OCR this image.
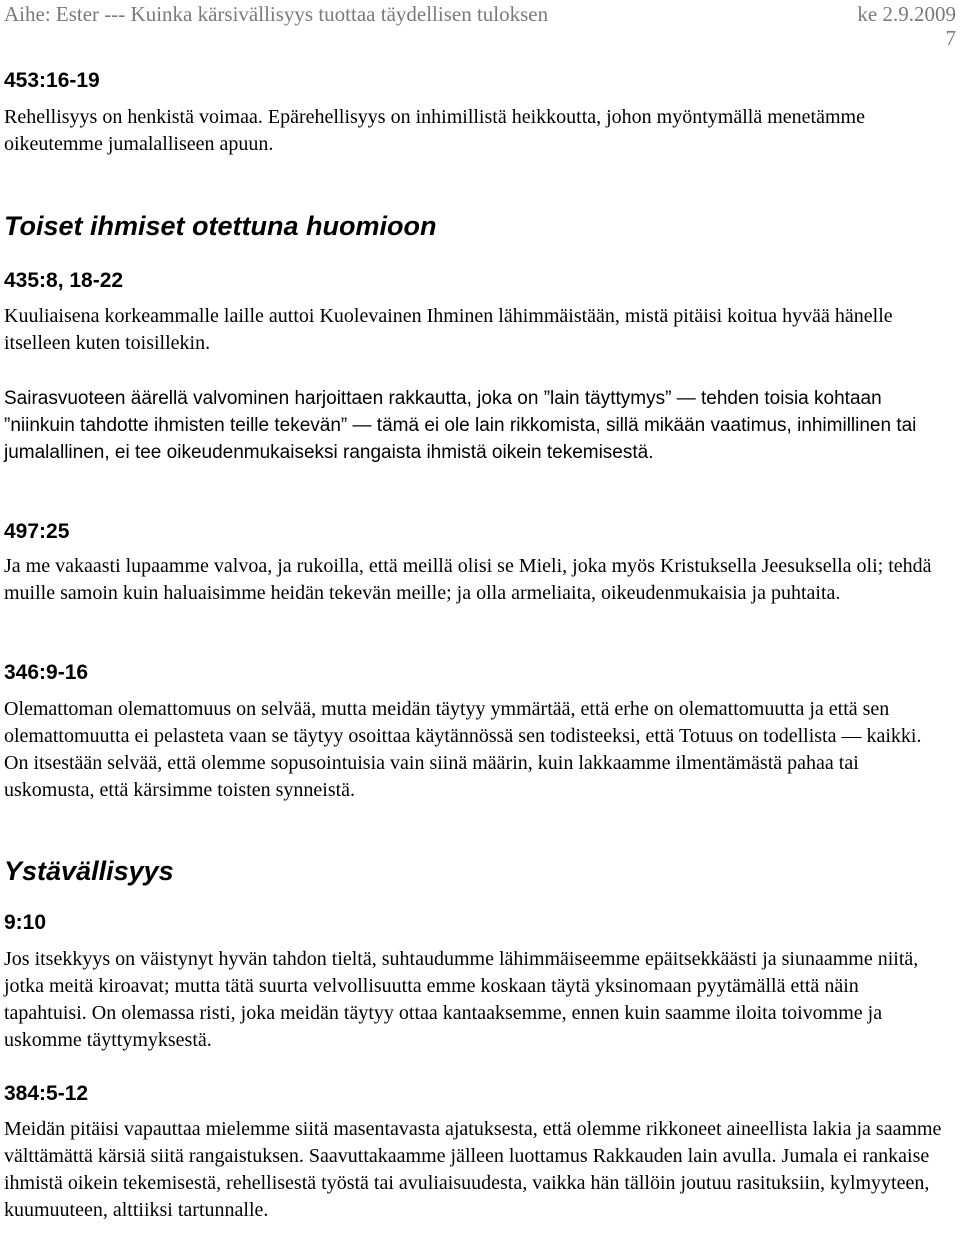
Aihe: Ester --- Kuinka kärsivällisyys tuottaa täydellisen tuloksen	ke 2.9.2009
7
453:16-19

Rehellisyys on henkistä voimaa. Epärehellisyys on inhimillistä heikkoutta, johon myöntymällä menetämme oikeutemme jumalalliseen apuun.

Toiset ihmiset otettuna huomioon
435:8, 18-22

Kuuliaisena korkeammalle laille auttoi Kuolevainen Ihminen lähimmäistään, mistä pitäisi koitua hyvää hänelle itselleen kuten toisillekin.

Sairasvuoteen äärellä valvominen harjoittaen rakkautta, joka on ”lain täyttymys” — tehden toisia kohtaan ”niinkuin tahdotte ihmisten teille tekevän” — tämä ei ole lain rikkomista, sillä mikään vaatimus, inhimillinen tai jumalallinen, ei tee oikeudenmukaiseksi rangaista ihmistä oikein tekemisestä.

497:25

Ja me vakaasti lupaamme valvoa, ja rukoilla, että meillä olisi se Mieli, joka myös Kristuksella Jeesuksella oli; tehdä muille samoin kuin haluaisimme heidän tekevän meille; ja olla armeliaita, oikeudenmukaisia ja puhtaita.

346:9-16

Olemattoman olemattomuus on selvää, mutta meidän täytyy ymmärtää, että erhe on olemattomuutta ja että sen olemattomuutta ei pelasteta vaan se täytyy osoittaa käytännössä sen todisteeksi, että Totuus on todellista — kaikki. On itsestään selvää, että olemme sopusointuisia vain siinä määrin, kuin lakkaamme ilmentämästä pahaa tai uskomusta, että kärsimme toisten synneistä.

Ystävällisyys
9:10

Jos itsekkyys on väistynyt hyvän tahdon tieltä, suhtaudumme lähimmäiseemme epäitsekkäästi ja siunaamme niitä, jotka meitä kiroavat; mutta tätä suurta velvollisuutta emme koskaan täytä yksinomaan pyytämällä että näin tapahtuisi. On olemassa risti, joka meidän täytyy ottaa kantaaksemme, ennen kuin saamme iloita toivomme ja uskomme täyttymyksestä.

384:5-12

Meidän pitäisi vapauttaa mielemme siitä masentavasta ajatuksesta, että olemme rikkoneet aineellista lakia ja saamme välttämättä kärsiä siitä rangaistuksen. Saavuttakaamme jälleen luottamus Rakkauden lain avulla. Jumala ei rankaise ihmistä oikein tekemisestä, rehellisestä työstä tai avuliaisuudesta, vaikka hän tällöin joutuu rasituksiin, kylmyyteen, kuumuuteen, alttiiksi tartunnalle.
